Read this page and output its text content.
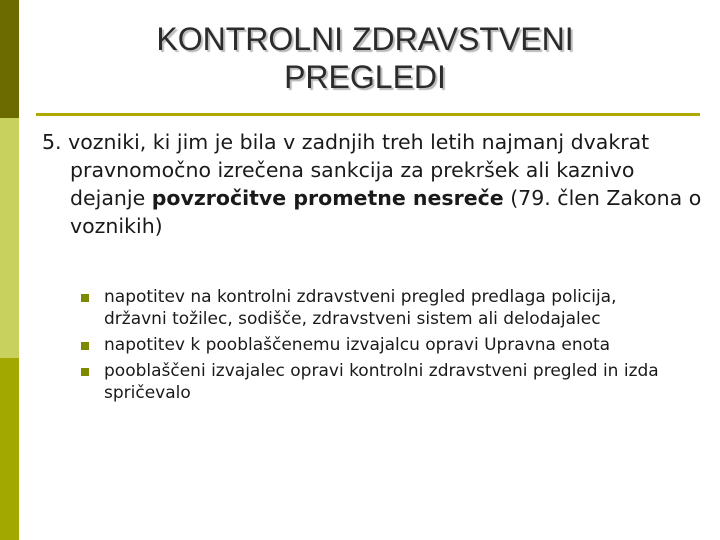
KONTROLNI ZDRAVSTVENI
PREGLEDI
5. vozniki, ki jim je bila v zadnjih treh letih najmanj dvakrat pravnomočno izrečena sankcija za prekršek ali kaznivo dejanje povzročitve prometne nesreče (79. člen Zakona o voznikih)
napotitev na kontrolni zdravstveni pregled predlaga policija, državni tožilec, sodišče, zdravstveni sistem ali delodajalec
napotitev k pooblaščenemu izvajalcu opravi Upravna enota
pooblaščeni izvajalec opravi kontrolni zdravstveni pregled in izda spričevalo
